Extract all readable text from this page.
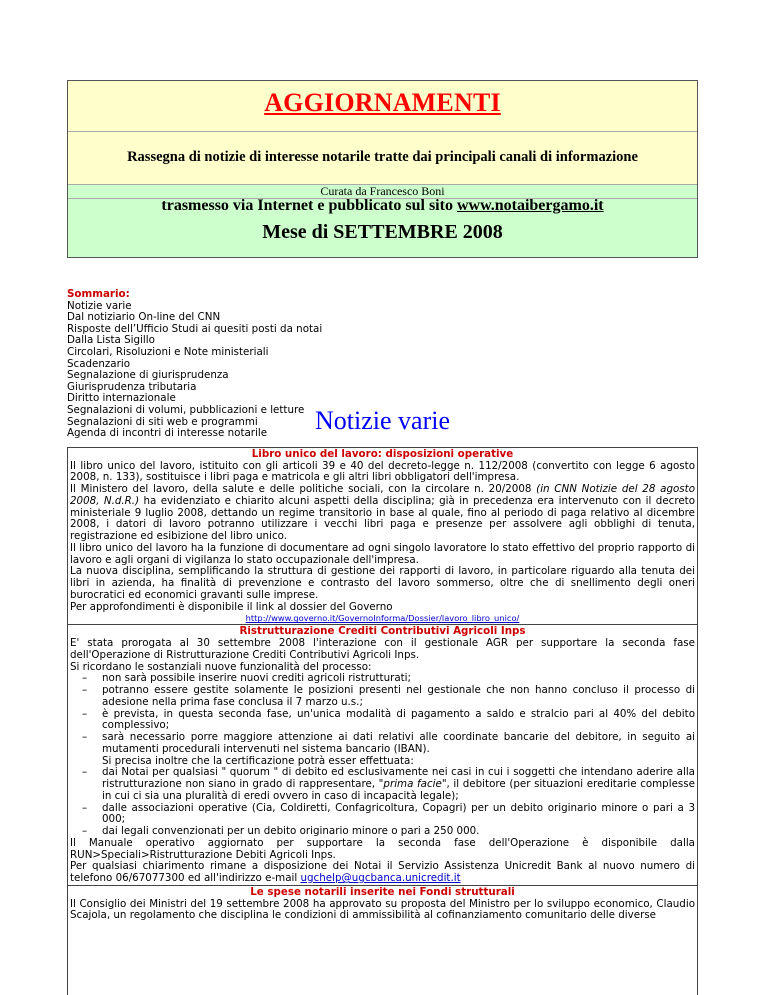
AGGIORNAMENTI
Rassegna di notizie di interesse notarile tratte dai principali canali di informazione
Curata da Francesco Boni
trasmesso via Internet e pubblicato sul sito www.notaibergamo.it
Mese di SETTEMBRE 2008
Sommario:
Notizie varie
Dal notiziario On-line del CNN
Risposte dell’Ufficio Studi ai quesiti posti da notai
Dalla Lista Sigillo
Circolari, Risoluzioni e Note ministeriali
Scadenzario
Segnalazione di giurisprudenza
Giurisprudenza tributaria
Diritto internazionale
Segnalazioni di volumi, pubblicazioni e letture
Segnalazioni di siti web e programmi
Agenda di incontri di interesse notarile	Notizie varie
Libro unico del lavoro: disposizioni operative
Il libro unico del lavoro, istituito con gli articoli 39 e 40 del decreto-legge n. 112/2008 (convertito con legge 6 agosto 2008, n. 133), sostituisce i libri paga e matricola e gli altri libri obbligatori dell'impresa.
Il Ministero del lavoro, della salute e delle politiche sociali, con la circolare n. 20/2008 (in CNN Notizie del 28 agosto 2008, N.d.R.) ha evidenziato e chiarito alcuni aspetti della disciplina; già in precedenza era intervenuto con il decreto ministeriale 9 luglio 2008, dettando un regime transitorio in base al quale, fino al periodo di paga relativo al dicembre 2008, i datori di lavoro potranno utilizzare i vecchi libri paga e presenze per assolvere agli obblighi di tenuta, registrazione ed esibizione del libro unico.
Il libro unico del lavoro ha la funzione di documentare ad ogni singolo lavoratore lo stato effettivo del proprio rapporto di lavoro e agli organi di vigilanza lo stato occupazionale dell'impresa.
La nuova disciplina, semplificando la struttura di gestione dei rapporti di lavoro, in particolare riguardo alla tenuta dei libri in azienda, ha finalità di prevenzione e contrasto del lavoro sommerso, oltre che di snellimento degli oneri burocratici ed economici gravanti sulle imprese.
Per approfondimenti è disponibile il link al dossier del Governo
http://www.governo.it/GovernoInforma/Dossier/lavoro_libro_unico/
Ristrutturazione Crediti Contributivi Agricoli Inps
E' stata prorogata al 30 settembre 2008 l'interazione con il gestionale AGR per supportare la seconda fase dell'Operazione di Ristrutturazione Crediti Contributivi Agricoli Inps.
Si ricordano le sostanziali nuove funzionalità del processo:
– non sarà possibile inserire nuovi crediti agricoli ristrutturati;
– potranno essere gestite solamente le posizioni presenti nel gestionale che non hanno concluso il processo di adesione nella prima fase conclusa il 7 marzo u.s.;
– è prevista, in questa seconda fase, un'unica modalità di pagamento a saldo e stralcio pari al 40% del debito complessivo;
– sarà necessario porre maggiore attenzione ai dati relativi alle coordinate bancarie del debitore, in seguito ai mutamenti procedurali intervenuti nel sistema bancario (IBAN).
Si precisa inoltre che la certificazione potrà esser effettuata:
– dai Notai per qualsiasi " quorum " di debito ed esclusivamente nei casi in cui i soggetti che intendano aderire alla ristrutturazione non siano in grado di rappresentare, "prima facie", il debitore (per situazioni ereditarie complesse in cui ci sia una pluralità di eredi ovvero in caso di incapacità legale);
– dalle associazioni operative (Cia, Coldiretti, Confagricoltura, Copagri) per un debito originario minore o pari a 3 000;
– dai legali convenzionati per un debito originario minore o pari a 250 000.
Il Manuale operativo aggiornato per supportare la seconda fase dell'Operazione è disponibile dalla RUN>Speciali>Ristrutturazione Debiti Agricoli Inps.
Per qualsiasi chiarimento rimane a disposizione dei Notai il Servizio Assistenza Unicredit Bank al nuovo numero di telefono 06/67077300 ed all'indirizzo e-mail ugchelp@ugcbanca.unicredit.it
Le spese notarili inserite nei Fondi strutturali
Il Consiglio dei Ministri del 19 settembre 2008 ha approvato su proposta del Ministro per lo sviluppo economico, Claudio Scajola, un regolamento che disciplina le condizioni di ammissibilità al cofinanziamento comunitario delle diverse
